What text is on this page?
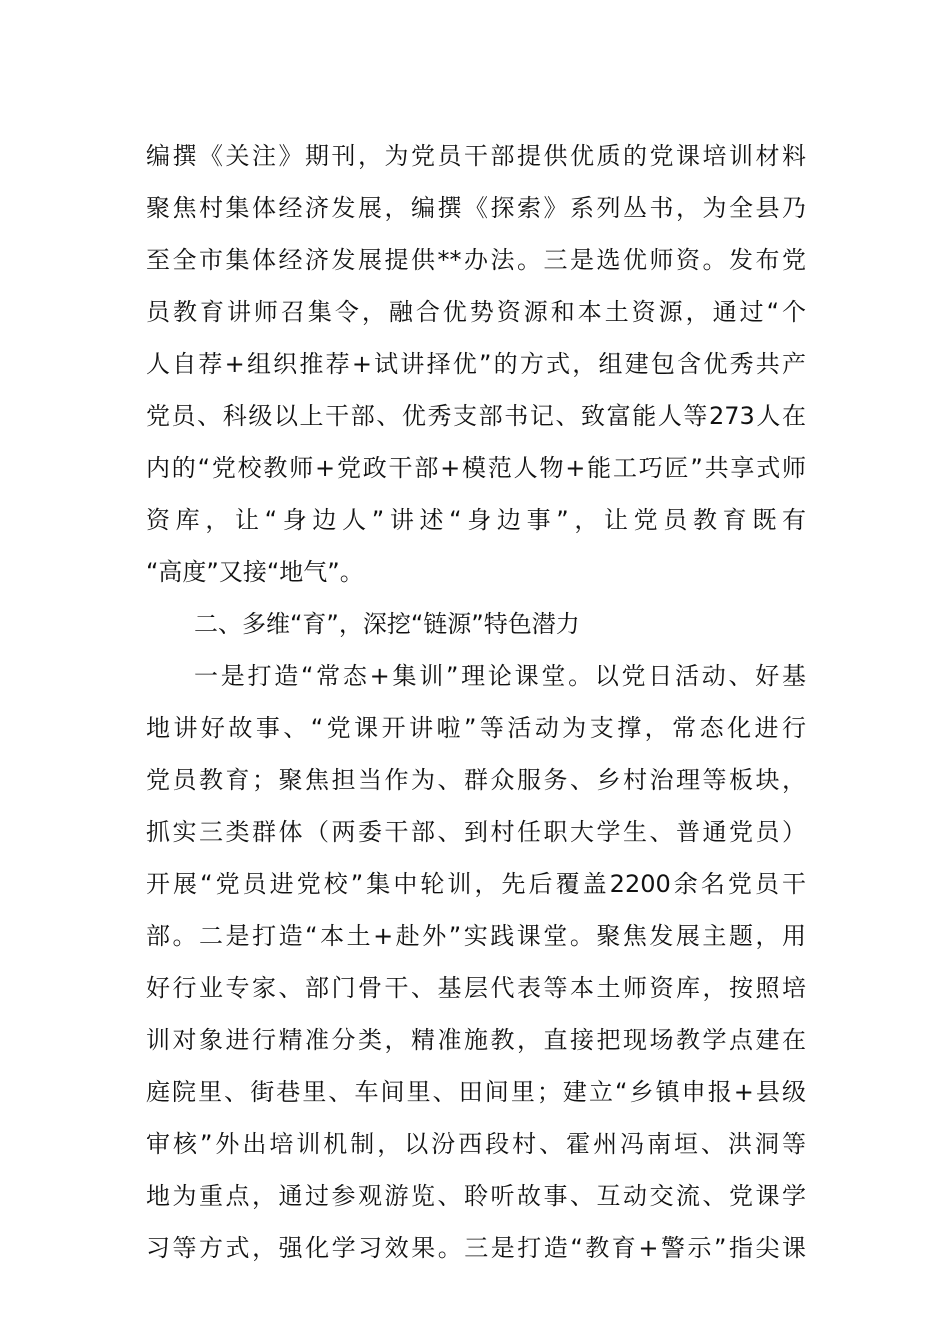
编撰《关注》期刊，为党员干部提供优质的党课培训材料
聚焦村集体经济发展，编撰《探索》系列丛书，为全县乃
至全市集体经济发展提供**办法。三是选优师资。发布党
员教育讲师召集令，融合优势资源和本土资源，通过“个
人自荐+组织推荐+试讲择优”的方式，组建包含优秀共产
党员、科级以上干部、优秀支部书记、致富能人等273人在
内的“党校教师+党政干部+模范人物+能工巧匠”共享式师
资库，让“身边人”讲述“身边事”，让党员教育既有
“高度”又接“地气”。
二、多维“育”，深挖“链源”特色潜力
一是打造“常态+集训”理论课堂。以党日活动、好基
地讲好故事、“党课开讲啦”等活动为支撑，常态化进行
党员教育；聚焦担当作为、群众服务、乡村治理等板块，
抓实三类群体（两委干部、到村任职大学生、普通党员）
开展“党员进党校”集中轮训，先后覆盖2200余名党员干
部。二是打造“本土+赴外”实践课堂。聚焦发展主题，用
好行业专家、部门骨干、基层代表等本土师资库，按照培
训对象进行精准分类，精准施教，直接把现场教学点建在
庭院里、街巷里、车间里、田间里；建立“乡镇申报+县级
审核”外出培训机制，以汾西段村、霍州冯南垣、洪洞等
地为重点，通过参观游览、聆听故事、互动交流、党课学
习等方式，强化学习效果。三是打造“教育+警示”指尖课
